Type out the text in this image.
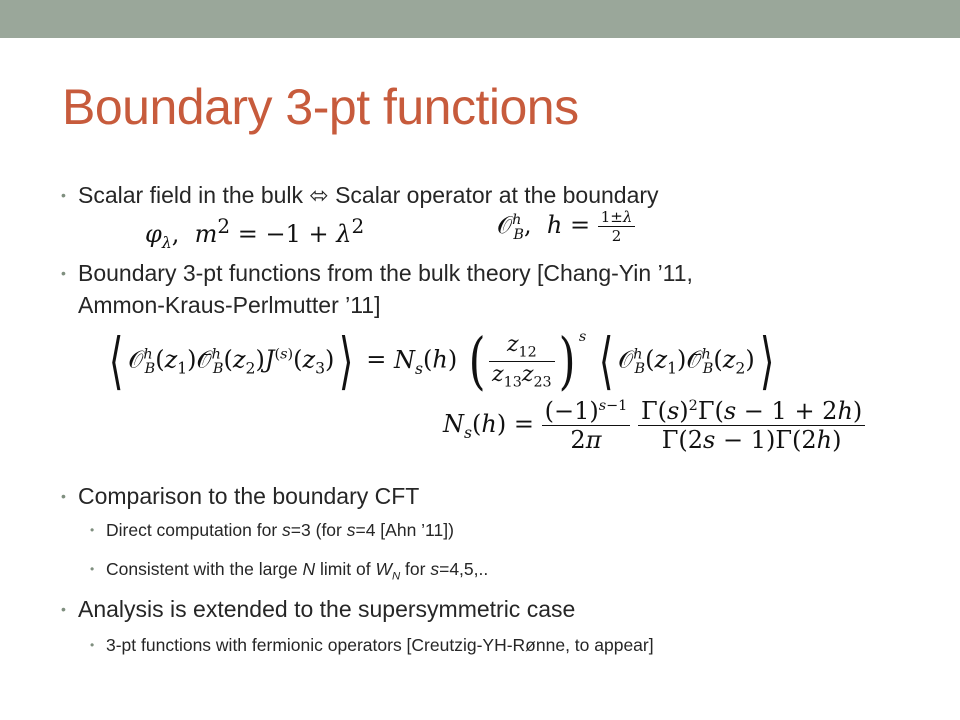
Boundary 3-pt functions
• Scalar field in the bulk ⬄ Scalar operator at the boundary
$\varphi_\lambda$,  $m^2 = -1 + \lambda^2$	𝒪$^h_B$,  $h = \frac{1\pm\lambda}{2}$
• Boundary 3-pt functions from the bulk theory [Chang-Yin ’11,
Ammon-Kraus-Perlmutter ’11]
⟨ $𝒪^h_B(z_1)𝒪̄^h_B(z_2)J^{(s)}(z_3)⟩ = N_s(h)$ ( $\frac{z_{12}}{z_{13}z_{23}}$ ) $^s$ ⟨ $𝒪^h_B(z_1)𝒪̄^h_B(z_2)⟩$
$N_s(h) = \frac{(-1)^{s-1}}{2\pi}$
$\frac{\Gamma(s)^2\Gamma(s - 1 + 2h)}{\Gamma(2s - 1)\Gamma(2h)}$
• Comparison to the boundary CFT
• Direct computation for s=3 (for s=4 [Ahn ’11])
• Consistent with the large N limit of $W_N$ for s=4,5,..
• Analysis is extended to the supersymmetric case
• 3-pt functions with fermionic operators [Creutzig-YH-Rønne, to appear]
